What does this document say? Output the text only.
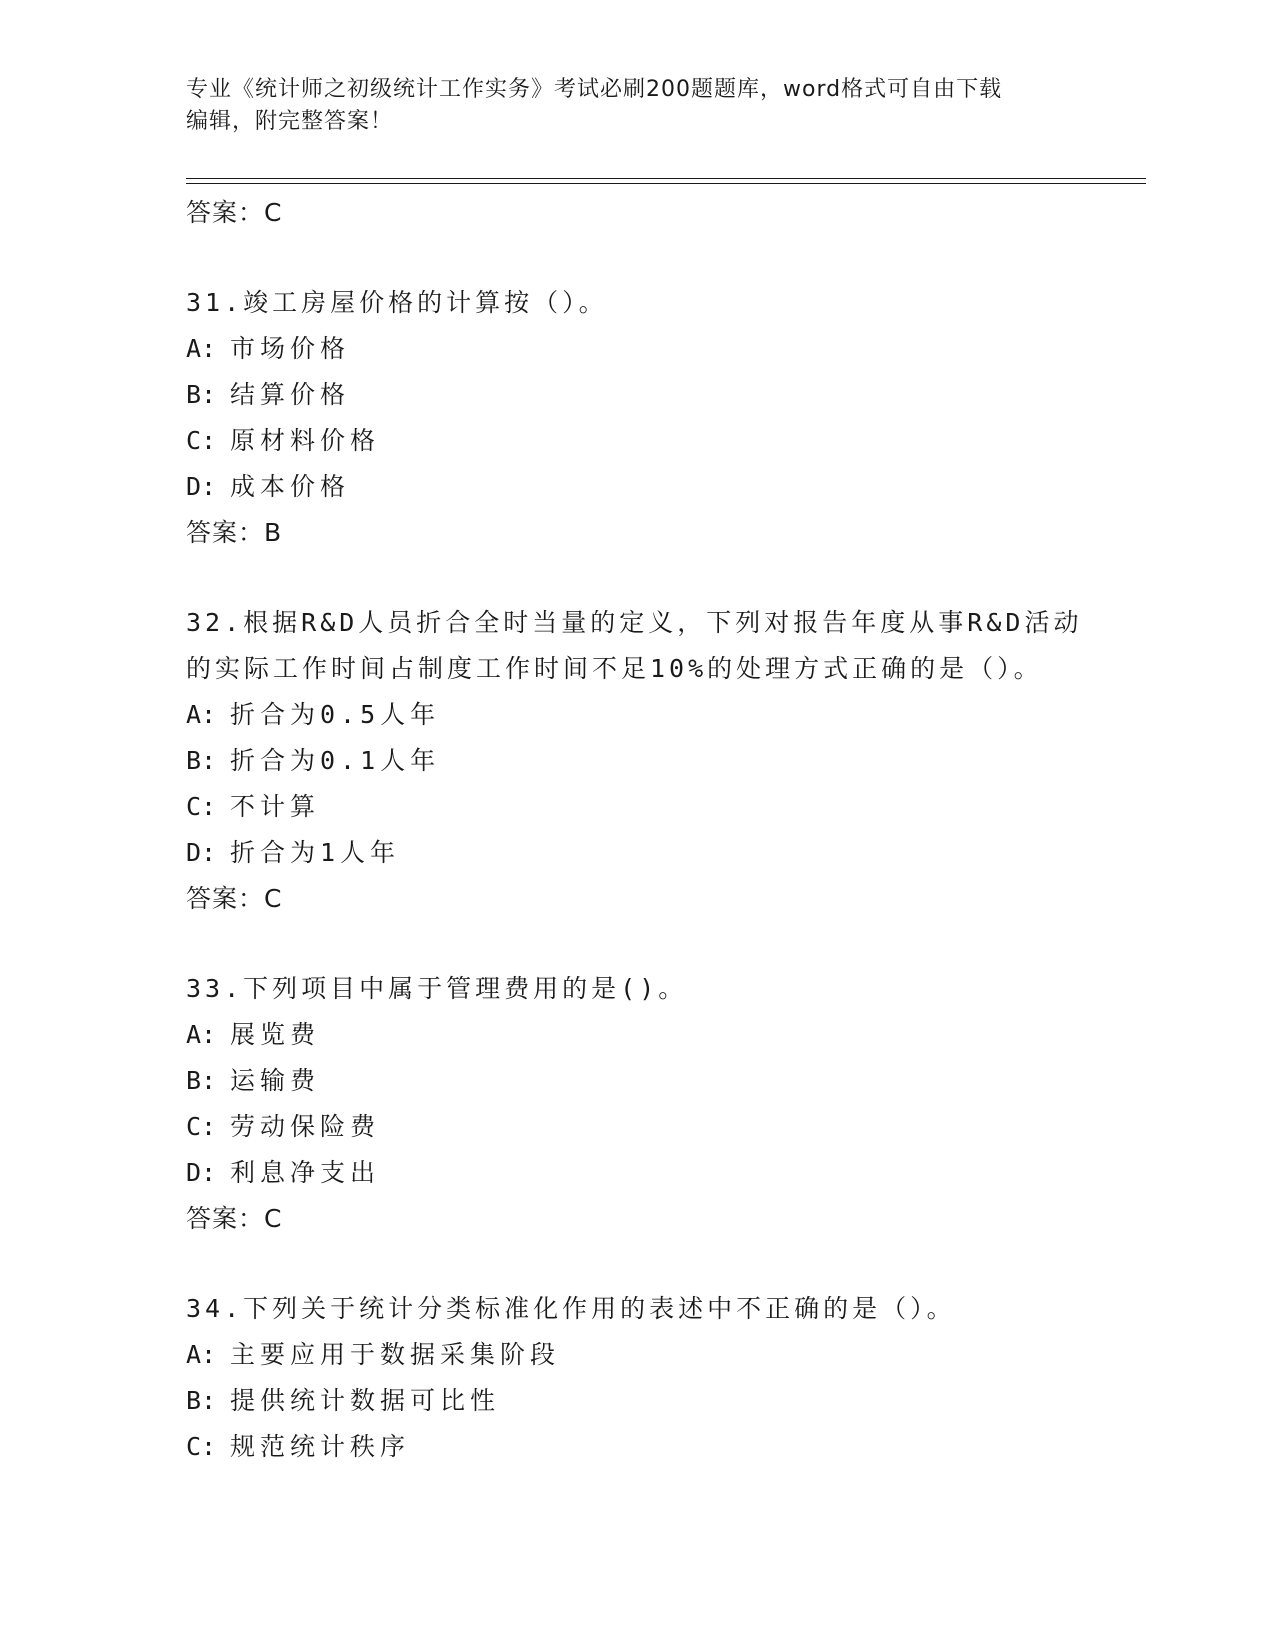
专业《统计师之初级统计工作实务》考试必刷200题题库，word格式可自由下载
编辑，附完整答案！
答案：C
31.竣工房屋价格的计算按（）。
A: 市场价格
B: 结算价格
C: 原材料价格
D: 成本价格
答案：B
32.根据R&D人员折合全时当量的定义，下列对报告年度从事R&D活动
的实际工作时间占制度工作时间不足10%的处理方式正确的是（）。
A: 折合为0.5人年
B: 折合为0.1人年
C: 不计算
D: 折合为1人年
答案：C
33.下列项目中属于管理费用的是()。
A: 展览费
B: 运输费
C: 劳动保险费
D: 利息净支出
答案：C
34.下列关于统计分类标准化作用的表述中不正确的是（）。
A: 主要应用于数据采集阶段
B: 提供统计数据可比性
C: 规范统计秩序
